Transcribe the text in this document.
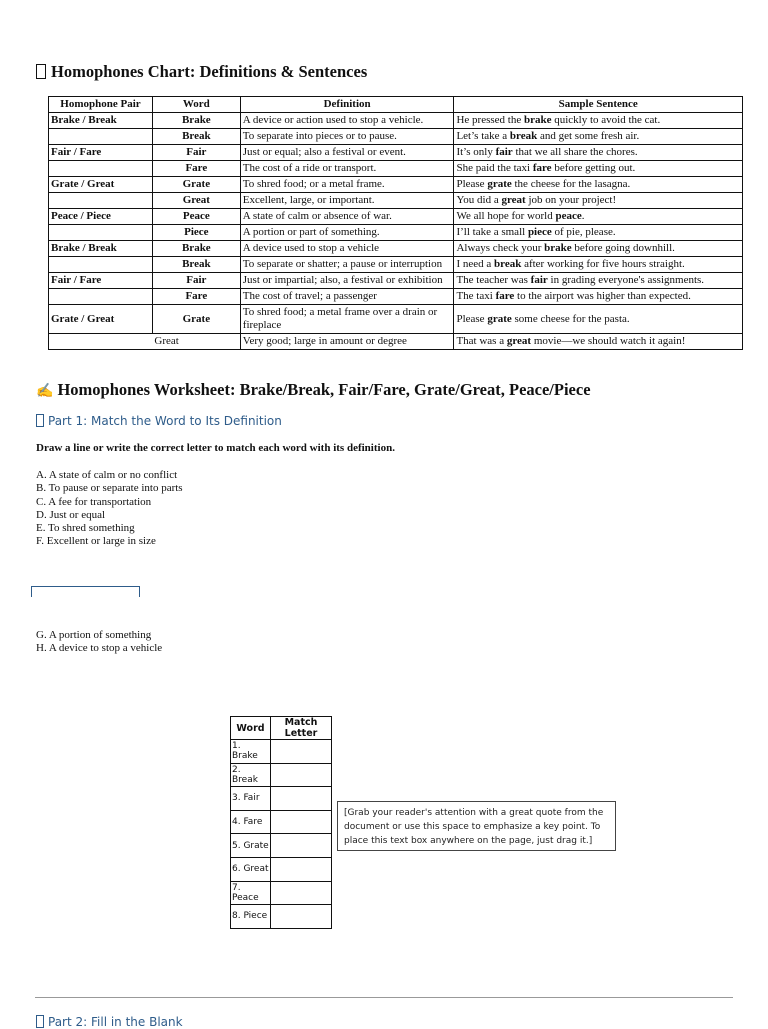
Homophones Chart: Definitions & Sentences
Homophone Pair	Word	Definition	Sample Sentence
Brake / Break	Brake	A device or action used to stop a vehicle.	He pressed the brake quickly to avoid the cat.
	Break	To separate into pieces or to pause.	Let’s take a break and get some fresh air.
Fair / Fare	Fair	Just or equal; also a festival or event.	It’s only fair that we all share the chores.
	Fare	The cost of a ride or transport.	She paid the taxi fare before getting out.
Grate / Great	Grate	To shred food; or a metal frame.	Please grate the cheese for the lasagna.
	Great	Excellent, large, or important.	You did a great job on your project!
Peace / Piece	Peace	A state of calm or absence of war.	We all hope for world peace.
	Piece	A portion or part of something.	I’ll take a small piece of pie, please.
Brake / Break	Brake	A device used to stop a vehicle	Always check your brake before going downhill.
	Break	To separate or shatter; a pause or interruption	I need a break after working for five hours straight.
Fair / Fare	Fair	Just or impartial; also, a festival or exhibition	The teacher was fair in grading everyone's assignments.
	Fare	The cost of travel; a passenger	The taxi fare to the airport was higher than expected.
Grate / Great	Grate	To shred food; a metal frame over a drain or fireplace	Please grate some cheese for the pasta.
	Great	Very good; large in amount or degree	That was a great movie—we should watch it again!
✍ Homophones Worksheet: Brake/Break, Fair/Fare, Grate/Great, Peace/Piece
Part 1: Match the Word to Its Definition
Draw a line or write the correct letter to match each word with its definition.
A. A state of calm or no conflict
B. To pause or separate into parts
C. A fee for transportation
D. Just or equal
E. To shred something
F. Excellent or large in size
G. A portion of something
H. A device to stop a vehicle
Word	Match Letter
1. Brake	
2. Break	
3. Fair	
4. Fare	
5. Grate	
6. Great	
7. Peace	
8. Piece	
[Grab your reader's attention with a great quote from the document or use this space to emphasize a key point. To place this text box anywhere on the page, just drag it.]
Part 2: Fill in the Blank
